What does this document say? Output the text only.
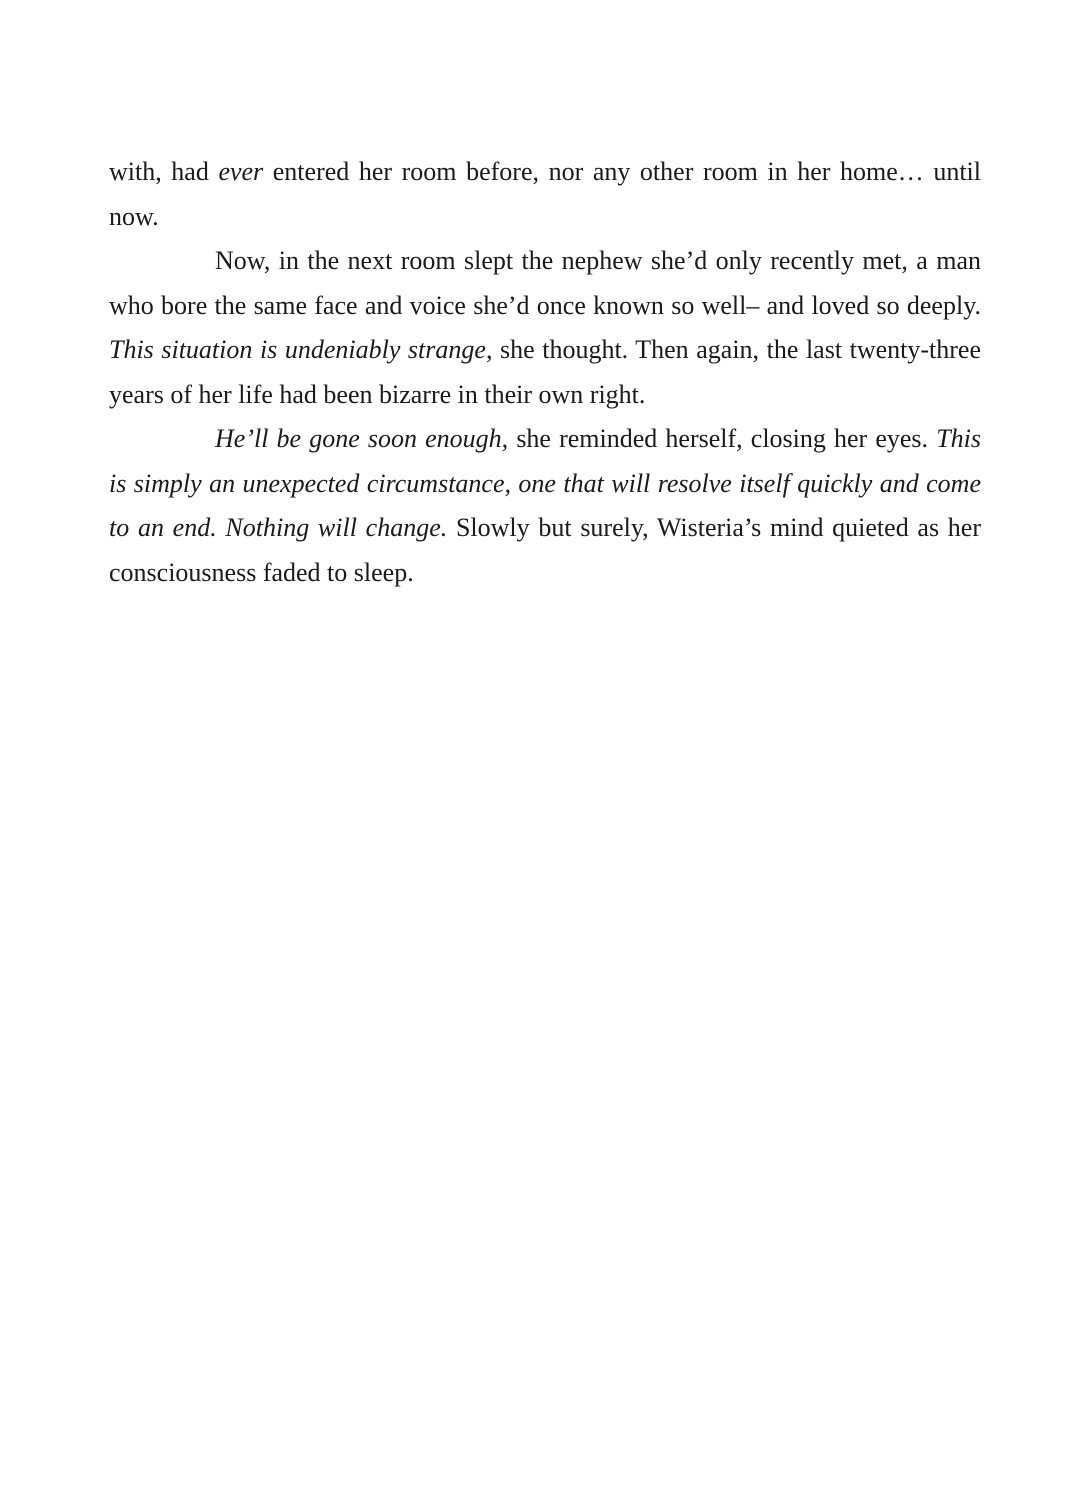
with, had ever entered her room before, nor any other room in her home… until now.

Now, in the next room slept the nephew she’d only recently met, a man who bore the same face and voice she’d once known so well– and loved so deeply. This situation is undeniably strange, she thought. Then again, the last twenty-three years of her life had been bizarre in their own right.

He’ll be gone soon enough, she reminded herself, closing her eyes. This is simply an unexpected circumstance, one that will resolve itself quickly and come to an end. Nothing will change. Slowly but surely, Wisteria’s mind quieted as her consciousness faded to sleep.
